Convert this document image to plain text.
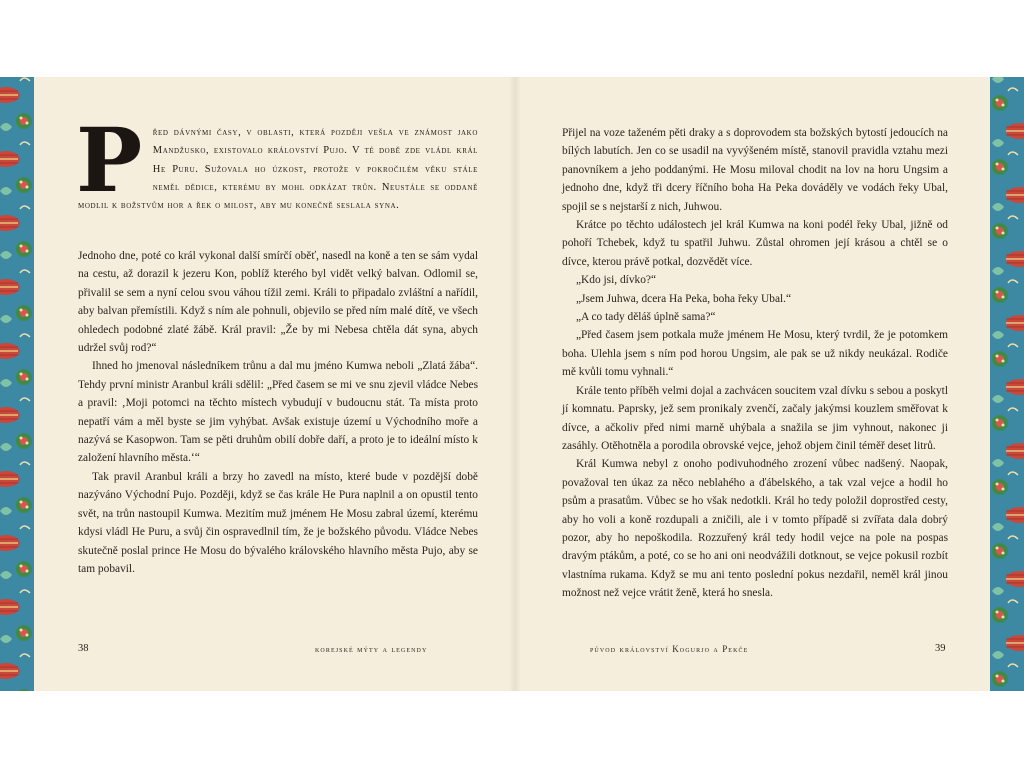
P řed dávnými časy, v oblasti, která později vešla ve známost jako Mandžusko, existovalo království Pujo. V té době zde vládl král He Puru. Sužovala ho úzkost, protože v pokročilém věku stále neměl dědice, kterému by mohl odkázat trůn. Neustále se oddaně modlil k božstvům hor a řek o milost, aby mu konečně seslala syna.

Jednoho dne, poté co král vykonal další smírčí oběť, nasedl na koně a ten se sám vydal na cestu, až dorazil k jezeru Kon, poblíž kterého byl vidět velký balvan. Odlomil se, přivalil se sem a nyní celou svou váhou tížil zemi. Králi to připadalo zvláštní a nařídil, aby balvan přemístili. Když s ním ale pohnuli, objevilo se před ním malé dítě, ve všech ohledech podobné zlaté žábě. Král pravil: „Že by mi Nebesa chtěla dát syna, abych udržel svůj rod?“

Ihned ho jmenoval následníkem trůnu a dal mu jméno Kumwa neboli „Zlatá žába“. Tehdy první ministr Aranbul králi sdělil: „Před časem se mi ve snu zjevil vládce Nebes a pravil: ‚Moji potomci na těchto místech vybudují v budoucnu stát. Ta místa proto nepatří vám a měl byste se jim vyhýbat. Avšak existuje území u Východního moře a nazývá se Kasopwon. Tam se pěti druhům obilí dobře daří, a proto je to ideální místo k založení hlavního města.‘“

Tak pravil Aranbul králi a brzy ho zavedl na místo, které bude v pozdější době nazýváno Východní Pujo. Později, když se čas krále He Pura naplnil a on opustil tento svět, na trůn nastoupil Kumwa. Mezitím muž jménem He Mosu zabral území, kterému kdysi vládl He Puru, a svůj čin ospravedlnil tím, že je božského původu. Vládce Nebes skutečně poslal prince He Mosu do bývalého královského hlavního města Pujo, aby se tam pobavil.

38	korejské mýty a legendy

Přijel na voze taženém pěti draky a s doprovodem sta božských bytostí jedoucích na bílých labutích. Jen co se usadil na vyvýšeném místě, stanovil pravidla vztahu mezi panovníkem a jeho poddanými. He Mosu miloval chodit na lov na horu Ungsim a jednoho dne, když tři dcery říčního boha Ha Peka dováděly ve vodách řeky Ubal, spojil se s nejstarší z nich, Juhwou.

Krátce po těchto událostech jel král Kumwa na koni podél řeky Ubal, jižně od pohoří Tchebek, když tu spatřil Juhwu. Zůstal ohromen její krásou a chtěl se o dívce, kterou právě potkal, dozvědět více.

„Kdo jsi, dívko?“

„Jsem Juhwa, dcera Ha Peka, boha řeky Ubal.“

„A co tady děláš úplně sama?“

„Před časem jsem potkala muže jménem He Mosu, který tvrdil, že je potomkem boha. Ulehla jsem s ním pod horou Ungsim, ale pak se už nikdy neukázal. Rodiče mě kvůli tomu vyhnali.“

Krále tento příběh velmi dojal a zachvácen soucitem vzal dívku s sebou a poskytl jí komnatu. Paprsky, jež sem pronikaly zvenčí, začaly jakýmsi kouzlem směřovat k dívce, a ačkoliv před nimi marně uhýbala a snažila se jim vyhnout, nakonec ji zasáhly. Otěhotněla a porodila obrovské vejce, jehož objem činil téměř deset litrů.

Král Kumwa nebyl z onoho podivuhodného zrození vůbec nadšený. Naopak, považoval ten úkaz za něco neblahého a ďábelského, a tak vzal vejce a hodil ho psům a prasatům. Vůbec se ho však nedotkli. Král ho tedy položil doprostřed cesty, aby ho voli a koně rozdupali a zničili, ale i v tomto případě si zvířata dala dobrý pozor, aby ho nepoškodila. Rozzuřený král tedy hodil vejce na pole na pospas dravým ptákům, a poté, co se ho ani oni neodvážili dotknout, se vejce pokusil rozbít vlastníma rukama. Když se mu ani tento poslední pokus nezdařil, neměl král jinou možnost než vejce vrátit ženě, která ho snesla.

původ království Kogurjo a Pekče	39
